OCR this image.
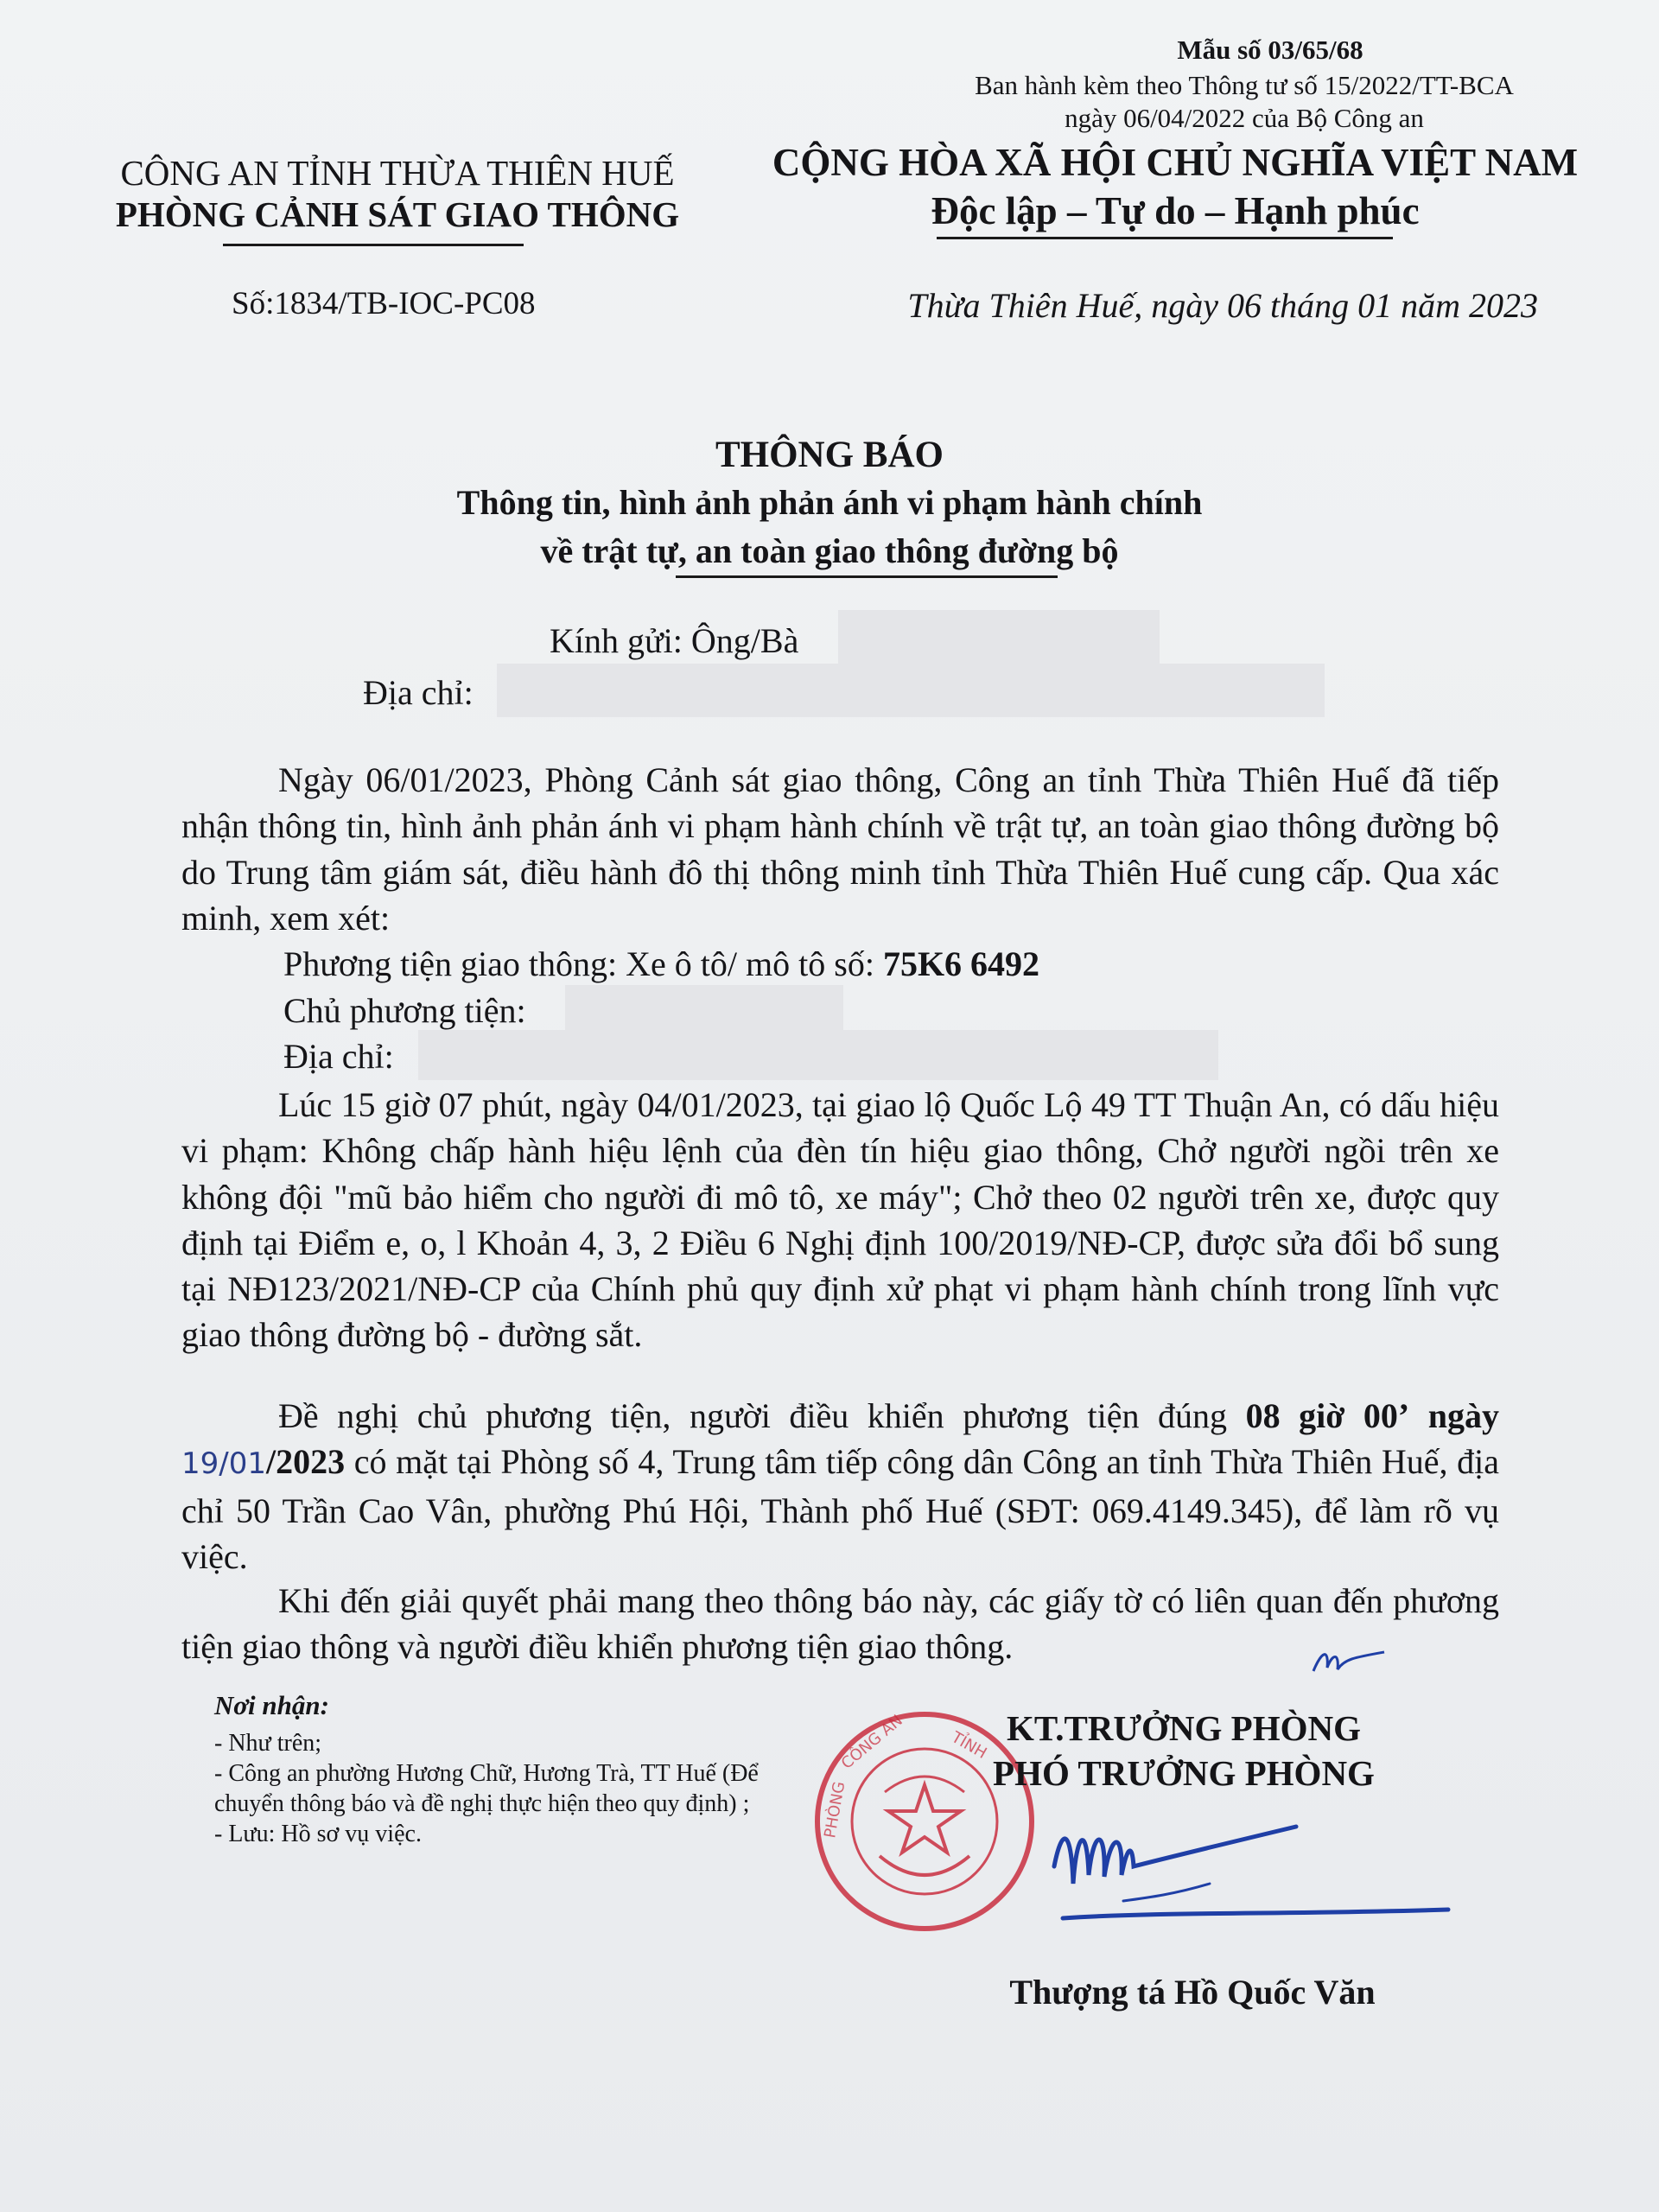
Mẫu số 03/65/68
Ban hành kèm theo Thông tư số 15/2022/TT-BCA
ngày 06/04/2022 của Bộ Công an
CÔNG AN TỈNH THỪA THIÊN HUẾ
PHÒNG CẢNH SÁT GIAO THÔNG
CỘNG HÒA XÃ HỘI CHỦ NGHĨA VIỆT NAM
Độc lập – Tự do – Hạnh phúc
Số:1834/TB-IOC-PC08	Thừa Thiên Huế, ngày 06 tháng 01 năm 2023
THÔNG BÁO
Thông tin, hình ảnh phản ánh vi phạm hành chính
về trật tự, an toàn giao thông đường bộ
Kính gửi: Ông/Bà
Địa chỉ:
Ngày 06/01/2023, Phòng Cảnh sát giao thông, Công an tỉnh Thừa Thiên Huế đã tiếp nhận thông tin, hình ảnh phản ánh vi phạm hành chính về trật tự, an toàn giao thông đường bộ do Trung tâm giám sát, điều hành đô thị thông minh tỉnh Thừa Thiên Huế cung cấp. Qua xác minh, xem xét:
Phương tiện giao thông: Xe ô tô/ mô tô số: 75K6 6492
Chủ phương tiện:
Địa chỉ:
Lúc 15 giờ 07 phút, ngày 04/01/2023, tại giao lộ Quốc Lộ 49 TT Thuận An, có dấu hiệu vi phạm: Không chấp hành hiệu lệnh của đèn tín hiệu giao thông, Chở người ngồi trên xe không đội "mũ bảo hiểm cho người đi mô tô, xe máy"; Chở theo 02 người trên xe, được quy định tại Điểm e, o, l Khoản 4, 3, 2 Điều 6 Nghị định 100/2019/NĐ-CP, được sửa đổi bổ sung tại NĐ123/2021/NĐ-CP của Chính phủ quy định xử phạt vi phạm hành chính trong lĩnh vực giao thông đường bộ - đường sắt.
Đề nghị chủ phương tiện, người điều khiển phương tiện đúng 08 giờ 00’ ngày 19/01/2023 có mặt tại Phòng số 4, Trung tâm tiếp công dân Công an tỉnh Thừa Thiên Huế, địa chỉ 50 Trần Cao Vân, phường Phú Hội, Thành phố Huế (SĐT: 069.4149.345), để làm rõ vụ việc.
Khi đến giải quyết phải mang theo thông báo này, các giấy tờ có liên quan đến phương tiện giao thông và người điều khiển phương tiện giao thông.
Nơi nhận:
- Như trên;
- Công an phường Hương Chữ, Hương Trà, TT Huế (Để chuyển thông báo và đề nghị thực hiện theo quy định) ;
- Lưu: Hồ sơ vụ việc.
CÔNG AN	TỈNH
PHÒNG
KT.TRƯỞNG PHÒNG
PHÓ TRƯỞNG PHÒNG
Thượng tá Hồ Quốc Văn
